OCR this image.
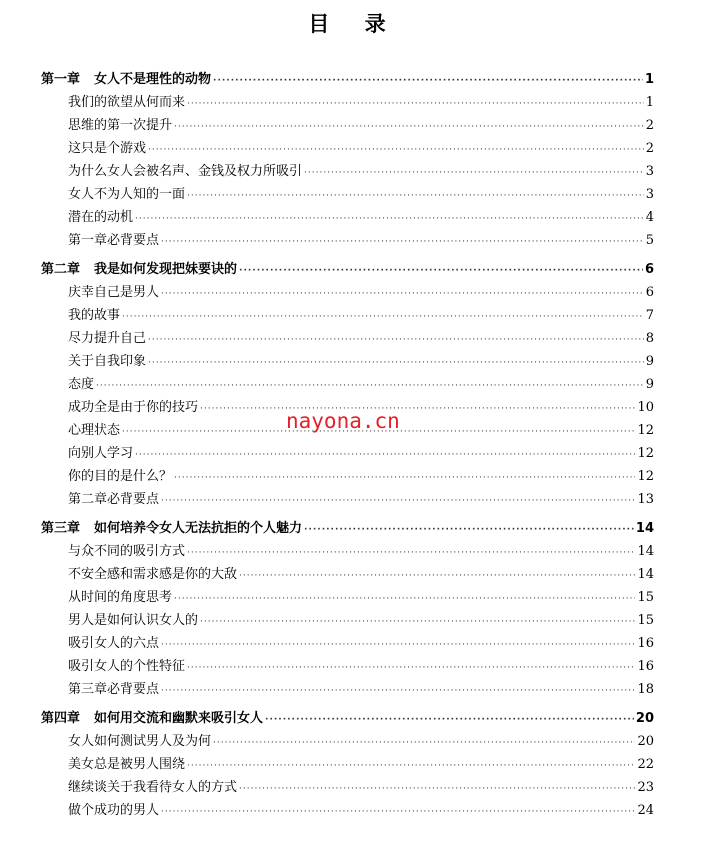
目 录
第一章 女人不是理性的动物 ·····	1
我们的欲望从何而来 ·····	1
思维的第一次提升 ·····	2
这只是个游戏 ·····	2
为什么女人会被名声、金钱及权力所吸引 ·····	3
女人不为人知的一面 ·····	3
潜在的动机 ·····	4
第一章必背要点 ·····	5
第二章 我是如何发现把妹要诀的 ·····	6
庆幸自己是男人 ·····	6
我的故事 ·····	7
尽力提升自己 ·····	8
关于自我印象 ·····	9
态度 ·····	9
成功全是由于你的技巧 ·····	10
心理状态 ·····	12
向别人学习 ·····	12
你的目的是什么？ ·····	12
第二章必背要点 ·····	13
第三章 如何培养令女人无法抗拒的个人魅力 ·····	14
与众不同的吸引方式 ·····	14
不安全感和需求感是你的大敌 ·····	14
从时间的角度思考 ·····	15
男人是如何认识女人的 ·····	15
吸引女人的六点 ·····	16
吸引女人的个性特征 ·····	16
第三章必背要点 ·····	18
第四章 如何用交流和幽默来吸引女人 ·····	20
女人如何测试男人及为何 ·····	20
美女总是被男人围绕 ·····	22
继续谈关于我看待女人的方式 ·····	23
做个成功的男人 ·····	24
nayona.cn
